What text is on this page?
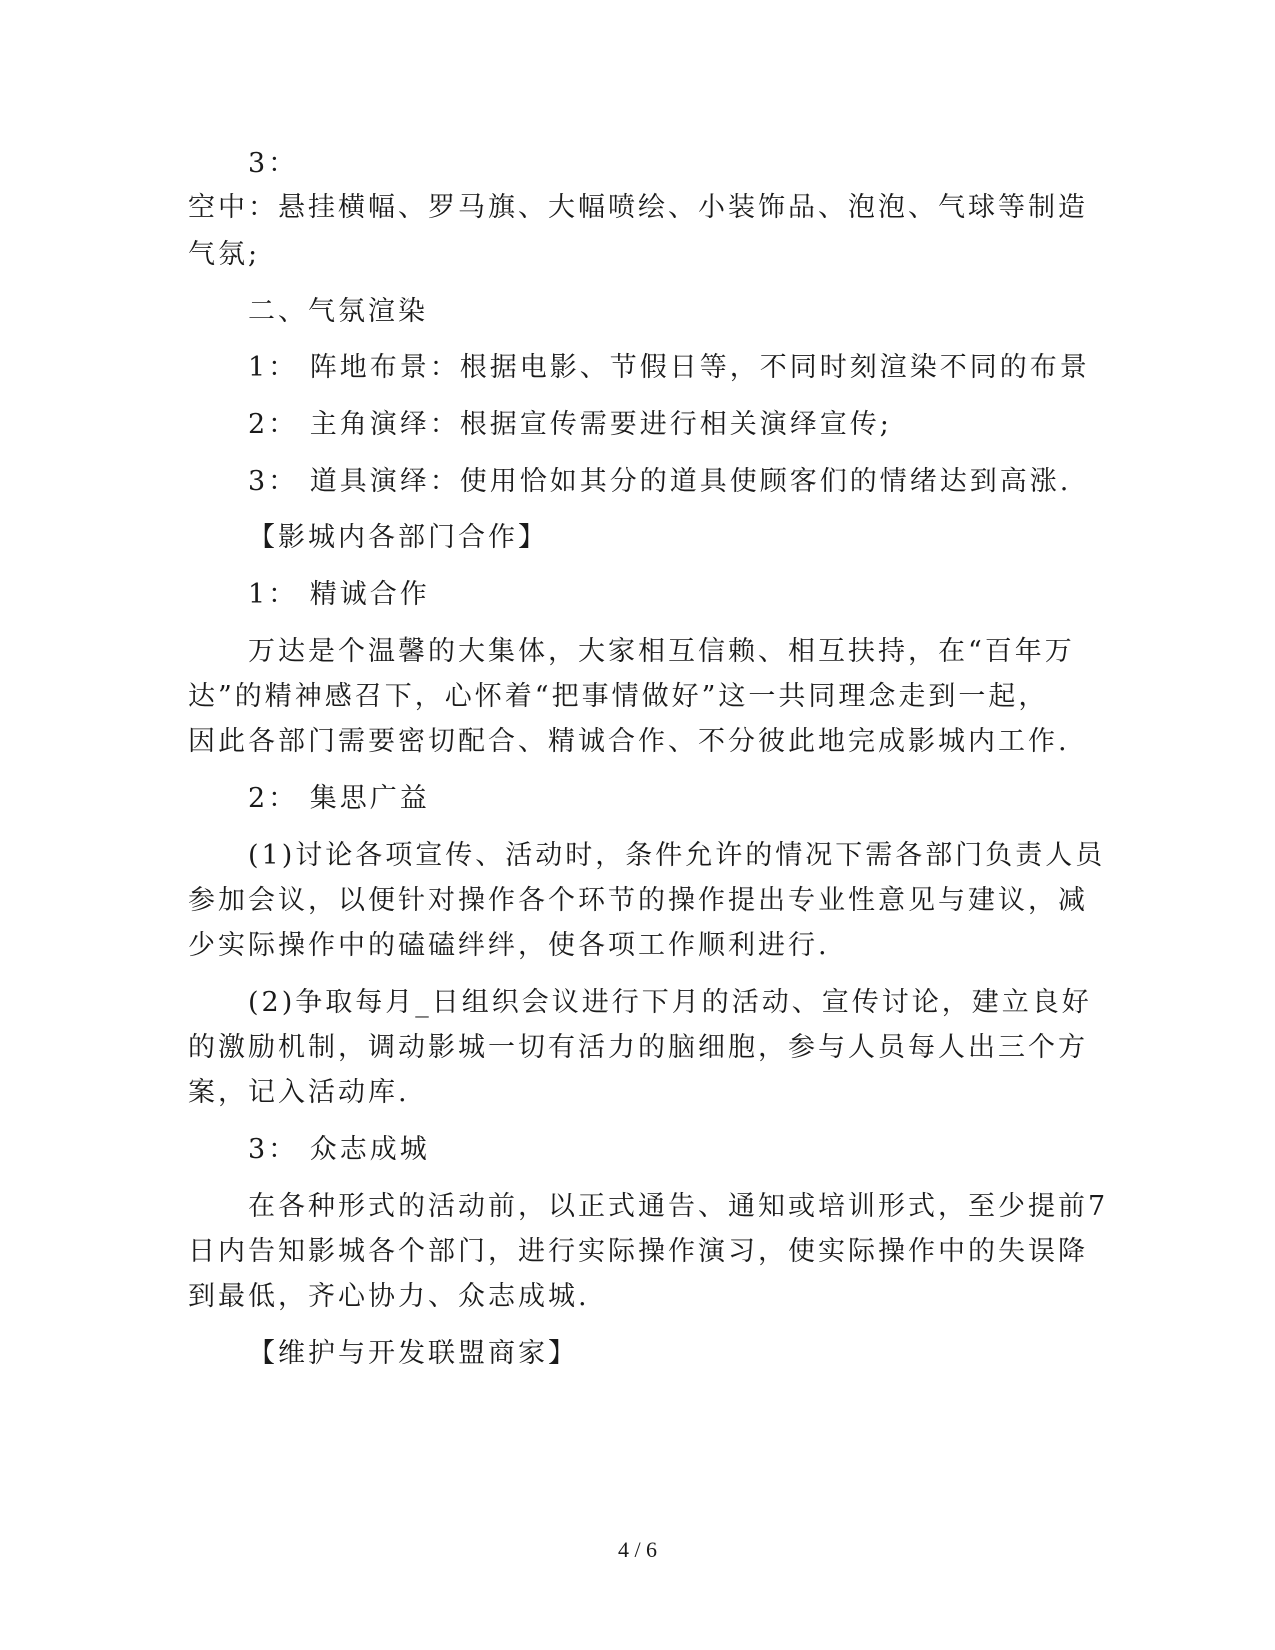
3：
空中：悬挂横幅、罗马旗、大幅喷绘、小装饰品、泡泡、气球等制造
气氛;
二、气氛渲染
1： 阵地布景：根据电影、节假日等，不同时刻渲染不同的布景
2： 主角演绎：根据宣传需要进行相关演绎宣传;
3： 道具演绎：使用恰如其分的道具使顾客们的情绪达到高涨.
【影城内各部门合作】
1： 精诚合作
万达是个温馨的大集体，大家相互信赖、相互扶持，在“百年万
达”的精神感召下，心怀着“把事情做好”这一共同理念走到一起，
因此各部门需要密切配合、精诚合作、不分彼此地完成影城内工作.
2： 集思广益
(1)讨论各项宣传、活动时，条件允许的情况下需各部门负责人员
参加会议，以便针对操作各个环节的操作提出专业性意见与建议，减
少实际操作中的磕磕绊绊，使各项工作顺利进行.
(2)争取每月_日组织会议进行下月的活动、宣传讨论，建立良好
的激励机制，调动影城一切有活力的脑细胞，参与人员每人出三个方
案，记入活动库.
3： 众志成城
在各种形式的活动前，以正式通告、通知或培训形式，至少提前7
日内告知影城各个部门，进行实际操作演习，使实际操作中的失误降
到最低，齐心协力、众志成城.
【维护与开发联盟商家】
4 / 6
